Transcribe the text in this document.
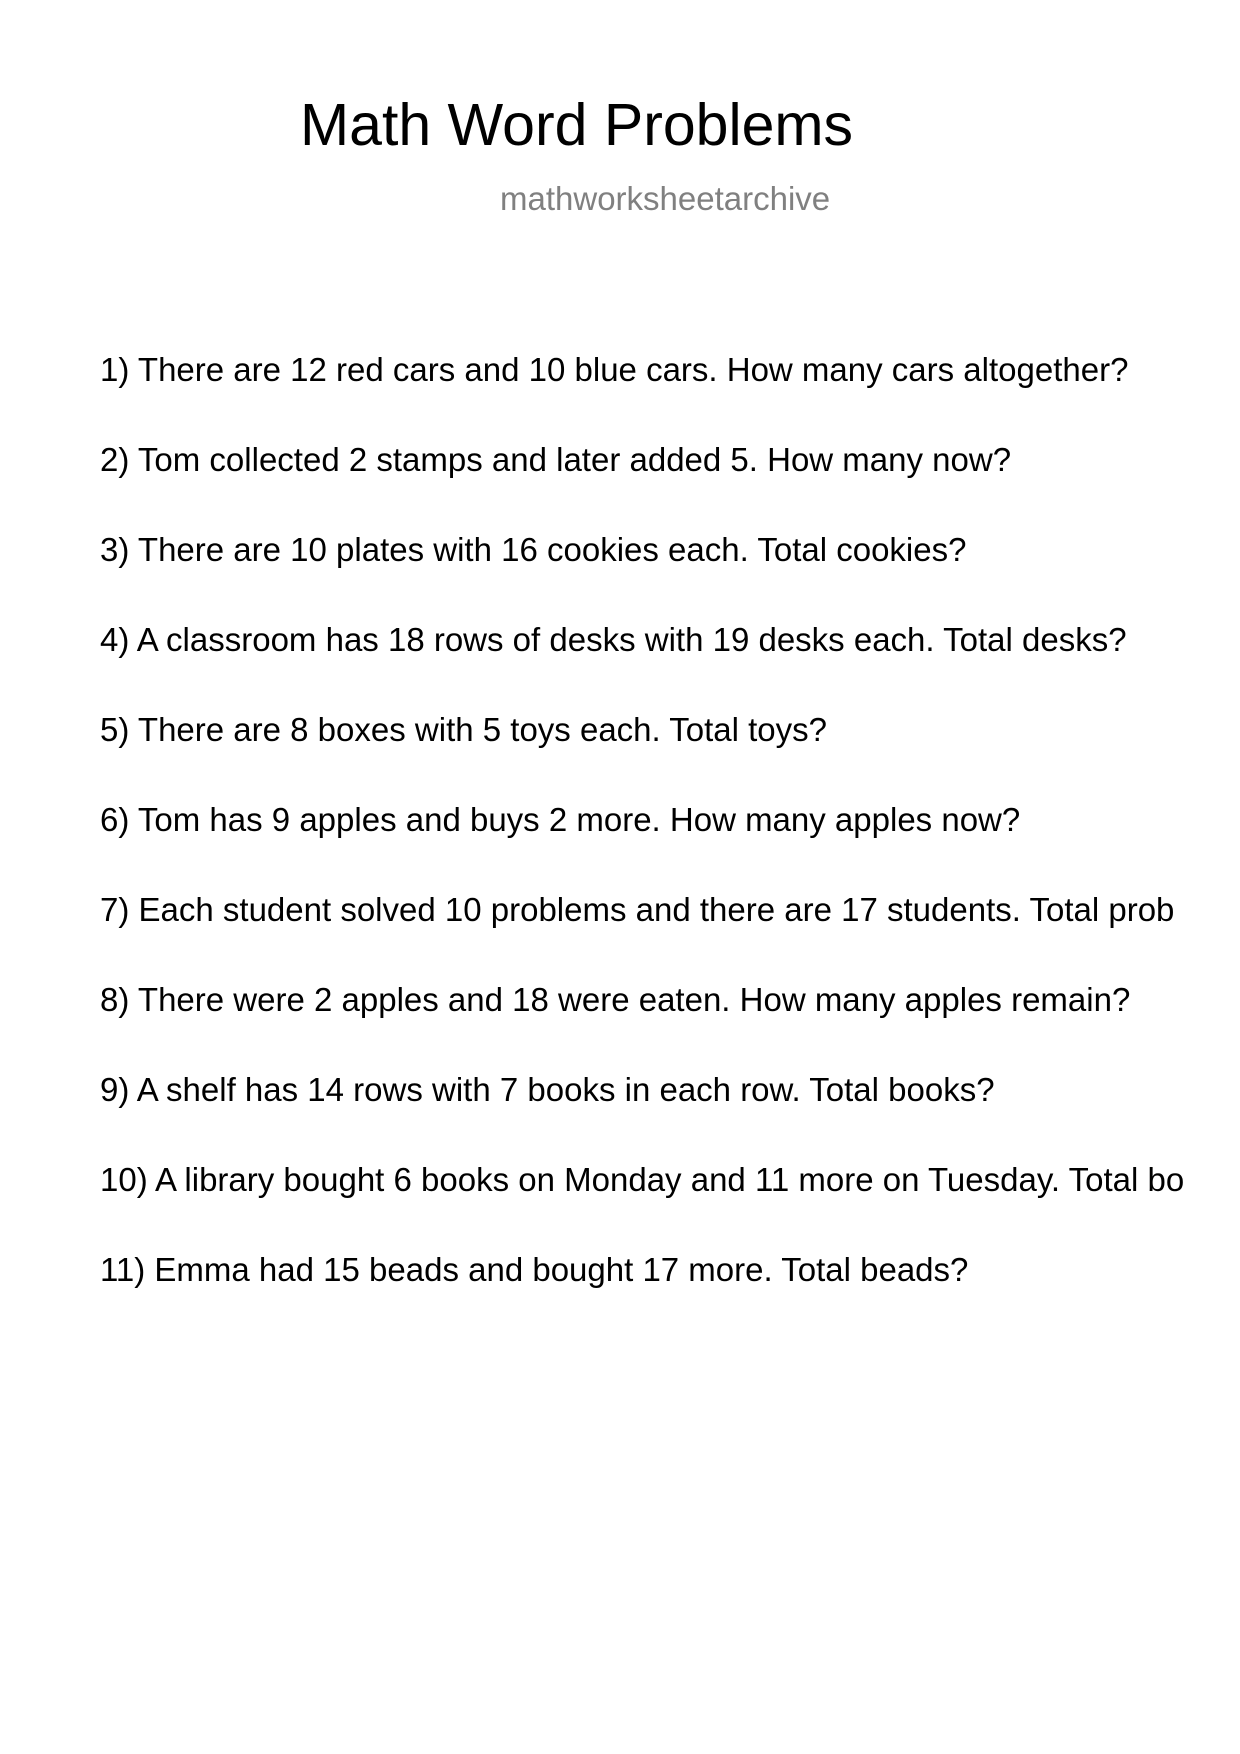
Math Word Problems
mathworksheetarchive
1) There are 12 red cars and 10 blue cars. How many cars altogether?
2) Tom collected 2 stamps and later added 5. How many now?
3) There are 10 plates with 16 cookies each. Total cookies?
4) A classroom has 18 rows of desks with 19 desks each. Total desks?
5) There are 8 boxes with 5 toys each. Total toys?
6) Tom has 9 apples and buys 2 more. How many apples now?
7) Each student solved 10 problems and there are 17 students. Total prob
8) There were 2 apples and 18 were eaten. How many apples remain?
9) A shelf has 14 rows with 7 books in each row. Total books?
10) A library bought 6 books on Monday and 11 more on Tuesday. Total bo
11) Emma had 15 beads and bought 17 more. Total beads?
